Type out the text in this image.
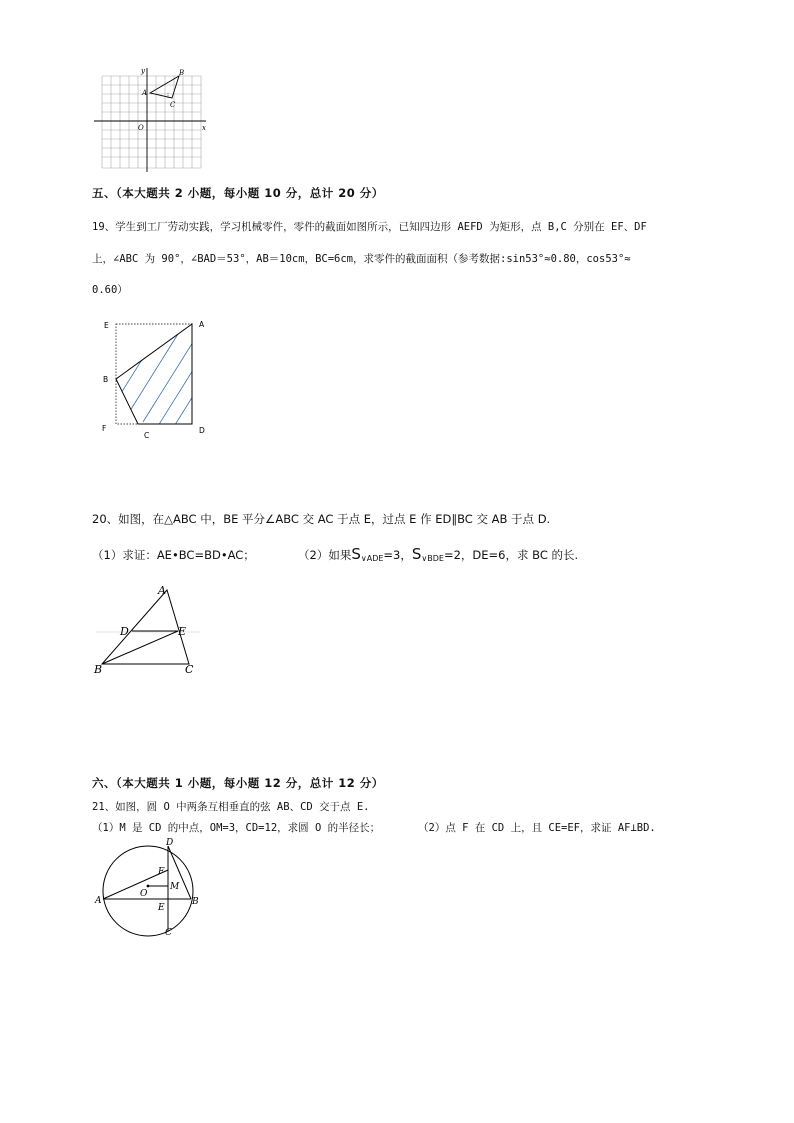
y
x
O
A
B
C
五、（本大题共 2 小题，每小题 10 分，总计 20 分）
19、学生到工厂劳动实践，学习机械零件，零件的截面如图所示，已知四边形 AEFD 为矩形，点 B,C 分别在 EF、DF
上，∠ABC 为 90°，∠BAD＝53°，AB＝10cm，BC=6cm，求零件的截面面积（参考数据:sin53°≈0.80，cos53°≈
0.60）
E	A
B
F
C
D
20、如图，在△ABC 中，BE 平分∠ABC 交 AC 于点 E，过点 E 作 ED∥BC 交 AB 于点 D.
（1）求证：AE•BC=BD•AC；	（2）如果$S_{\vee ADE}=3$，$S_{\vee BDE}=2$，DE=6，求 BC 的长.
A
D	E
B	C
六、（本大题共 1 小题，每小题 12 分，总计 12 分）
21、如图，圆 O 中两条互相垂直的弦 AB、CD 交于点 E.
（1）M 是 CD 的中点，OM=3，CD=12，求圆 O 的半径长；	（2）点 F 在 CD 上，且 CE=EF，求证 AF⊥BD.
D
F
M
O
A
E
B
C
